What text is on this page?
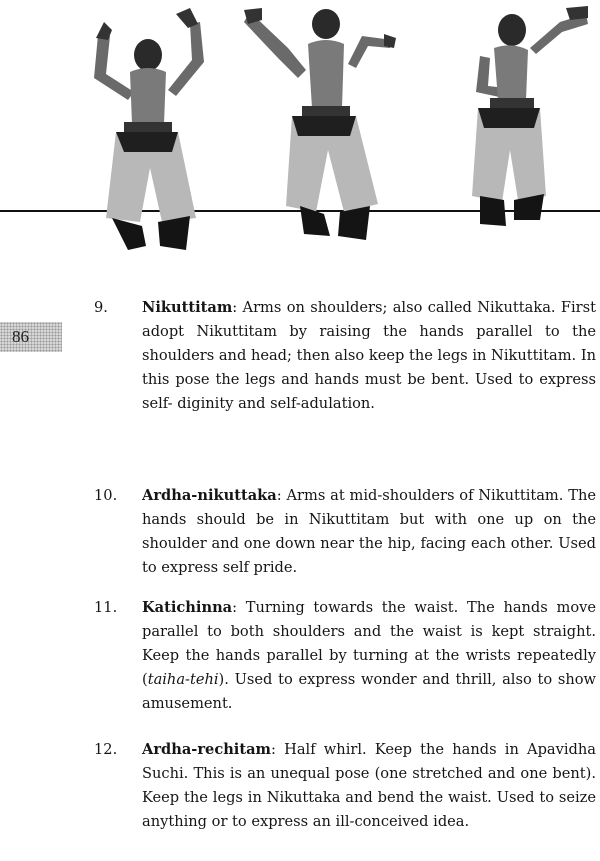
86
9.	Nikuttitam: Arms on shoulders; also called Nikuttaka. First adopt Nikuttitam by raising the hands parallel to the shoulders and head; then also keep the legs in Nikuttitam. In this pose the legs and hands must be bent. Used to express self- diginity and self-adulation.
10.	Ardha-nikuttaka: Arms at mid-shoulders of Nikuttitam. The hands should be in Nikuttitam but with one up on the shoulder and one down near the hip, facing each other. Used to express self pride.
11.	Katichinna: Turning towards the waist. The hands move parallel to both shoulders and the waist is kept straight. Keep the hands parallel by turning at the wrists repeatedly (taiha-tehi). Used to express wonder and thrill, also to show amusement.
12.	Ardha-rechitam: Half whirl. Keep the hands in Apavidha Suchi. This is an unequal pose (one stretched and one bent). Keep the legs in Nikuttaka and bend the waist. Used to seize anything or to express an ill-conceived idea.
